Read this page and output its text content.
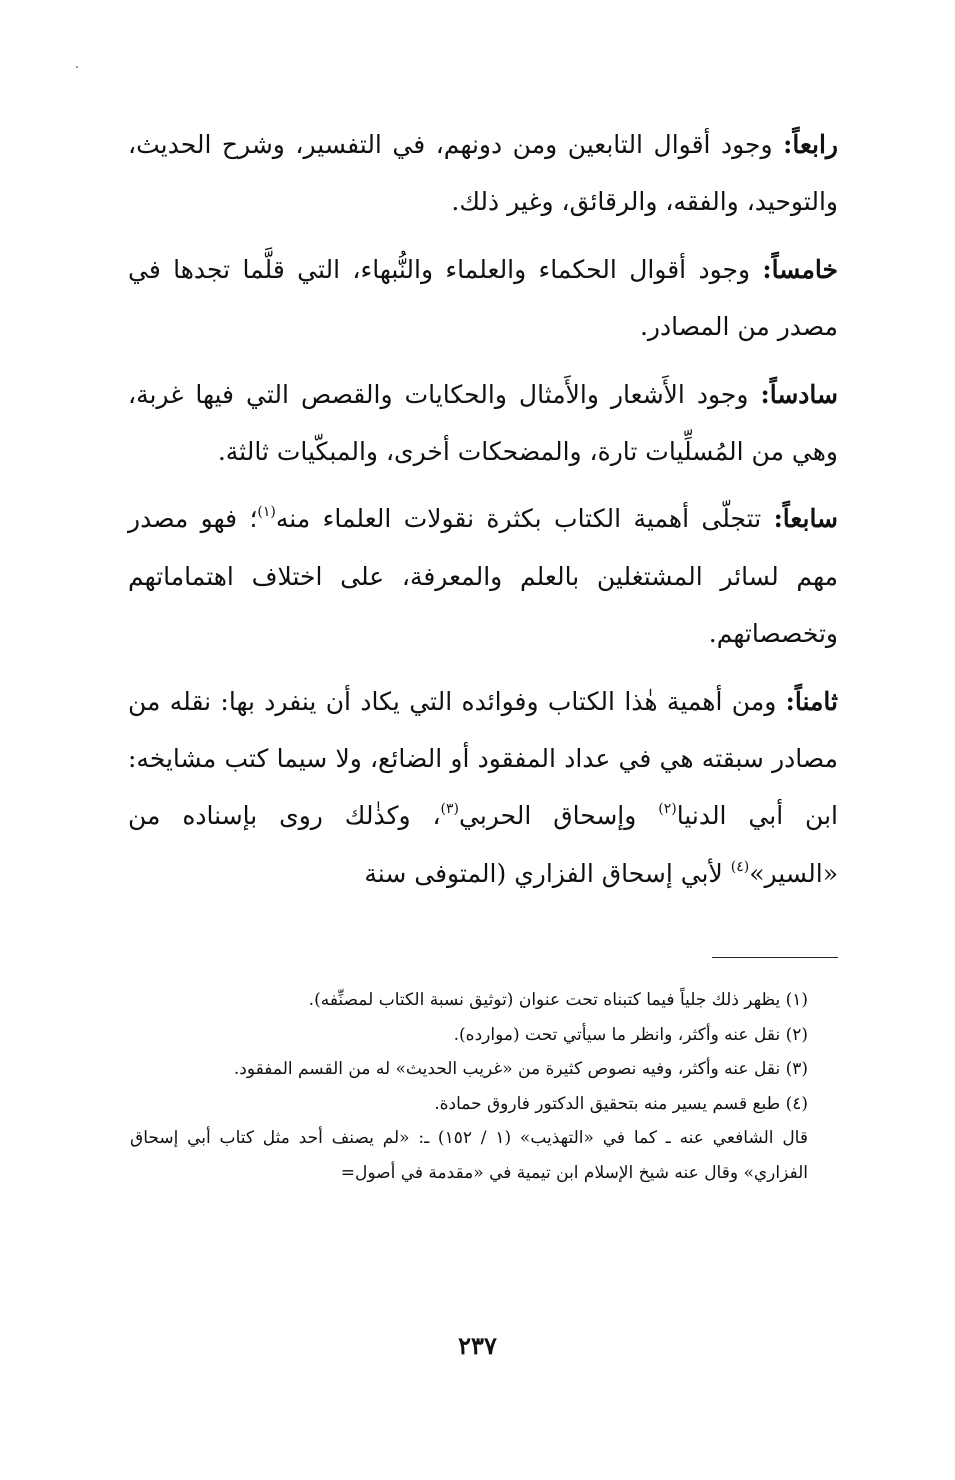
رابعاً: وجود أقوال التابعين ومن دونهم، في التفسير، وشرح الحديث، والتوحيد، والفقه، والرقائق، وغير ذلك.

خامساً: وجود أقوال الحكماء والعلماء والنُّبهاء، التي قلَّما تجدها في مصدر من المصادر.

سادساً: وجود الأَشعار والأَمثال والحكايات والقصص التي فيها غربة، وهي من المُسلِّيات تارة، والمضحكات أخرى، والمبكّيات ثالثة.

سابعاً: تتجلّى أهمية الكتاب بكثرة نقولات العلماء منه$^{(١)}$؛ فهو مصدر مهم لسائر المشتغلين بالعلم والمعرفة، على اختلاف اهتماماتهم وتخصصاتهم.

ثامناً: ومن أهمية هٰذا الكتاب وفوائده التي يكاد أن ينفرد بها: نقله من مصادر سبقته هي في عداد المفقود أو الضائع، ولا سيما كتب مشايخه: ابن أبي الدنيا$^{(٢)}$ وإسحاق الحربي$^{(٣)}$، وكذٰلك روى بإسناده من «السير»$^{(٤)}$ لأبي إسحاق الفزاري (المتوفى سنة

(١) يظهر ذلك جلياً فيما كتبناه تحت عنوان (توثيق نسبة الكتاب لمصنِّفه).

(٢) نقل عنه وأكثر، وانظر ما سيأتي تحت (موارده).

(٣) نقل عنه وأكثر، وفيه نصوص كثيرة من «غريب الحديث» له من القسم المفقود.

(٤) طبع قسم يسير منه بتحقيق الدكتور فاروق حمادة.

قال الشافعي عنه ـ كما في «التهذيب» (١ / ١٥٢) ـ: «لم يصنف أحد مثل كتاب أبي إسحاق الفزاري» وقال عنه شيخ الإسلام ابن تيمية في «مقدمة في أصول=

٢٣٧
